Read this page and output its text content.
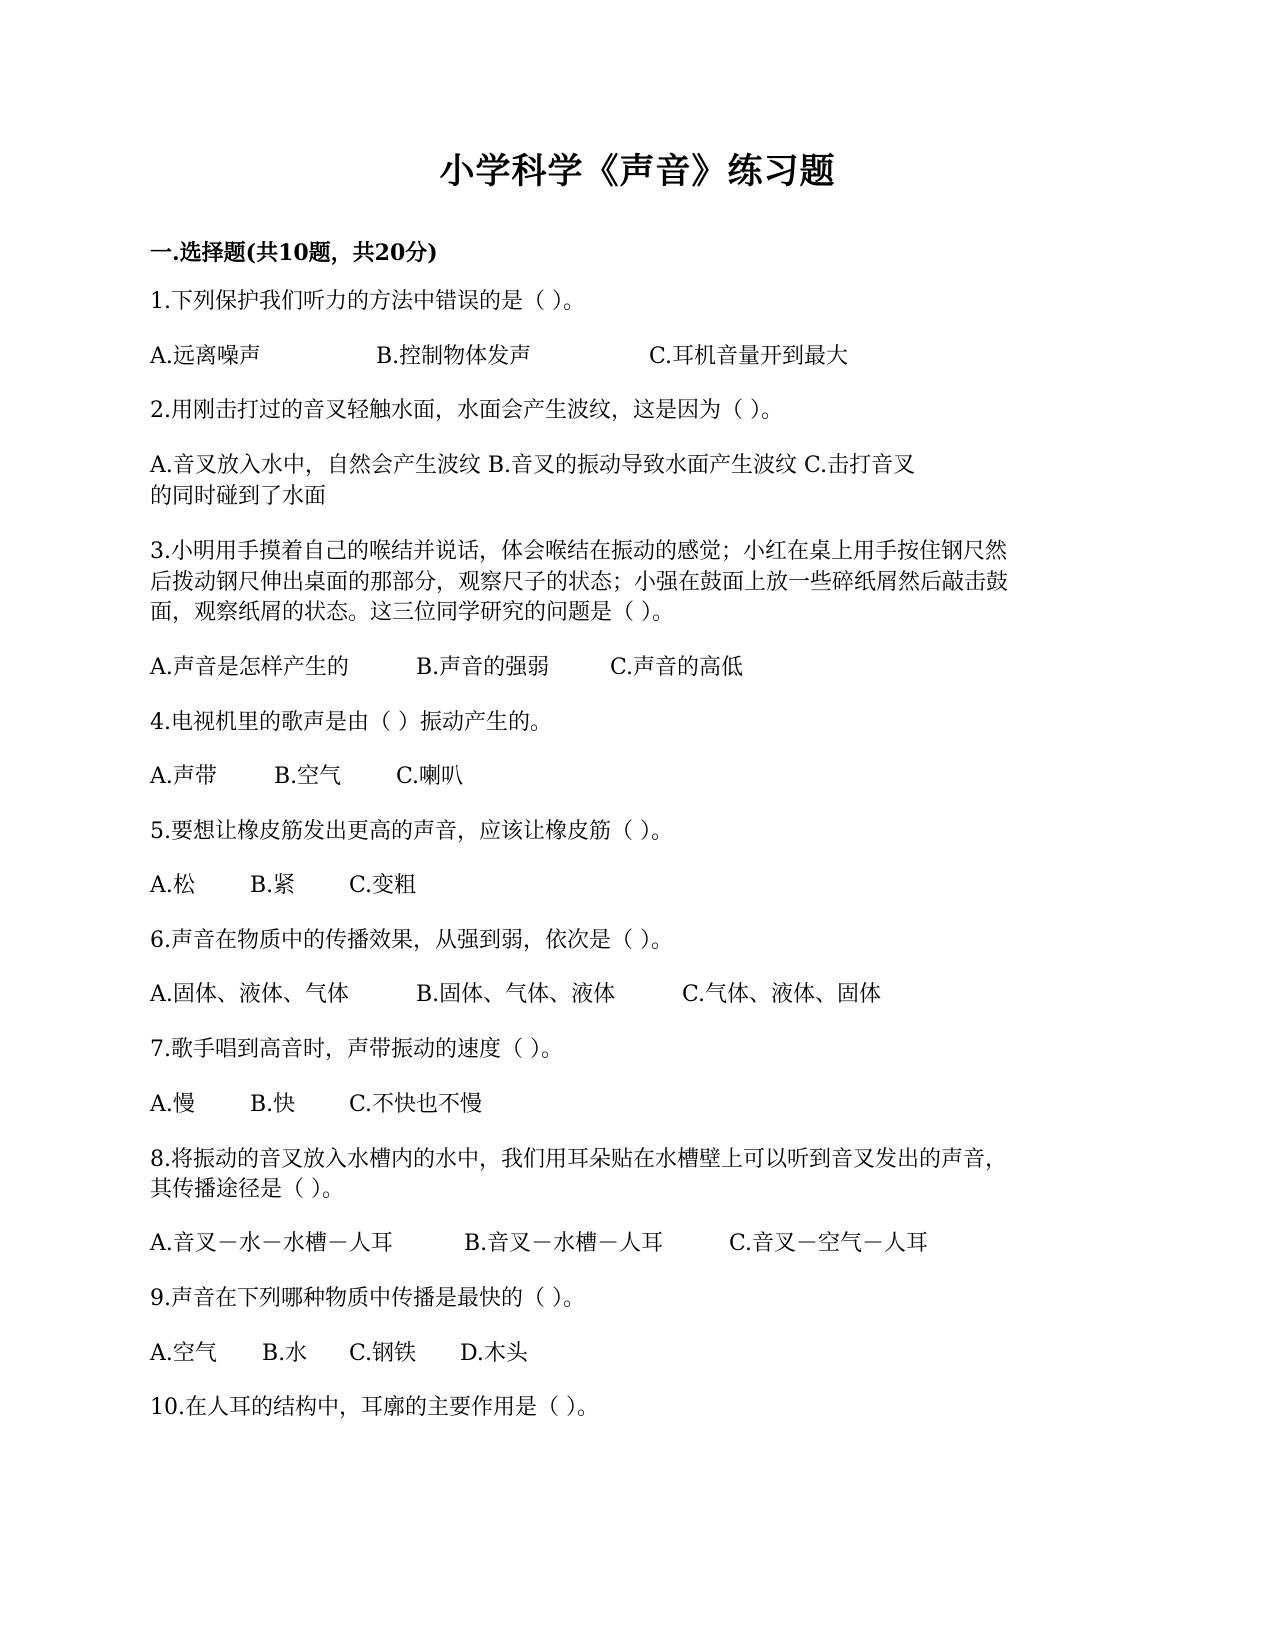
小学科学《声音》练习题
一.选择题(共10题，共20分)
1.下列保护我们听力的方法中错误的是（ ）。
A.远离噪声	B.控制物体发声	C.耳机音量开到最大
2.用刚击打过的音叉轻触水面，水面会产生波纹，这是因为（ ）。
A.音叉放入水中，自然会产生波纹 B.音叉的振动导致水面产生波纹 C.击打音叉
的同时碰到了水面
3.小明用手摸着自己的喉结并说话，体会喉结在振动的感觉；小红在桌上用手按住钢尺然
后拨动钢尺伸出桌面的那部分，观察尺子的状态；小强在鼓面上放一些碎纸屑然后敲击鼓
面，观察纸屑的状态。这三位同学研究的问题是（ ）。
A.声音是怎样产生的	B.声音的强弱	C.声音的高低
4.电视机里的歌声是由（ ）振动产生的。
A.声带	B.空气 C.喇叭
5.要想让橡皮筋发出更高的声音，应该让橡皮筋（ ）。
A.松	B.紧 C.变粗
6.声音在物质中的传播效果，从强到弱，依次是（ ）。
A.固体、液体、气体	B.固体、气体、液体	C.气体、液体、固体
7.歌手唱到高音时，声带振动的速度（ ）。
A.慢	B.快 C.不快也不慢
8.将振动的音叉放入水槽内的水中，我们用耳朵贴在水槽壁上可以听到音叉发出的声音，
其传播途径是（ ）。
A.音叉－水－水槽－人耳	B.音叉－水槽－人耳	C.音叉－空气－人耳
9.声音在下列哪种物质中传播是最快的（ ）。
A.空气 B.水 C.钢铁 D.木头
10.在人耳的结构中，耳廓的主要作用是（ ）。
